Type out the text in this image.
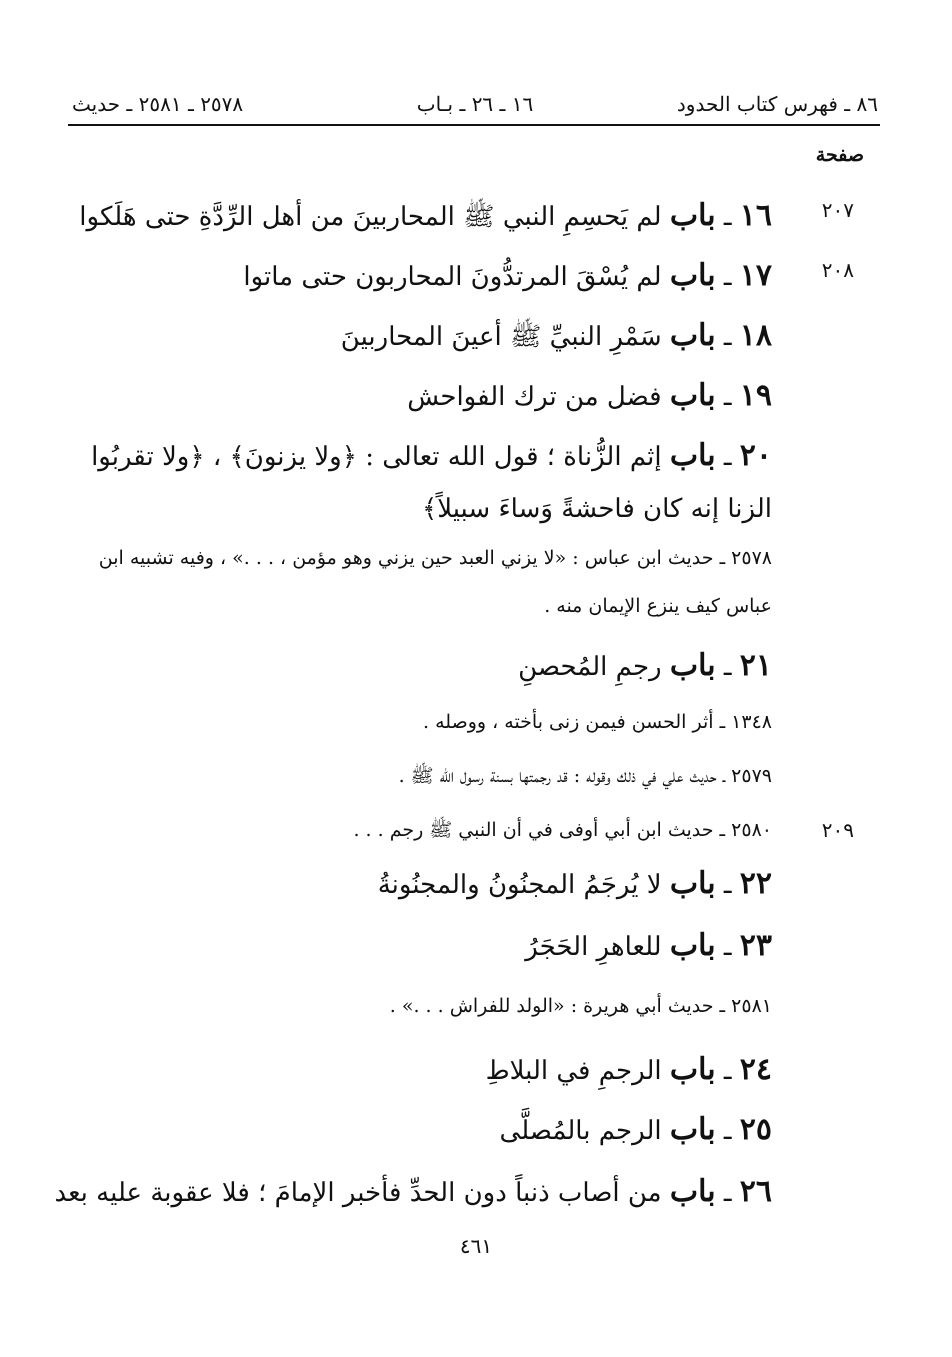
٨٦ ـ فهرس كتاب الحدود
١٦ ـ ٢٦ ـ بـاب
٢٥٧٨ ـ ٢٥٨١ ـ حديث
صفحة
٢٠٧
١٦ ـ باب لم يَحسِمِ النبي ﷺ المحاربينَ من أهل الرِّدَّةِ حتى هَلَكوا
٢٠٨
١٧ ـ باب لم يُسْقَ المرتدُّونَ المحاربون حتى ماتوا
١٨ ـ باب سَمْرِ النبيِّ ﷺ أعينَ المحاربينَ
١٩ ـ باب فضل من ترك الفواحش
٢٠ ـ باب إثم الزُّناة ؛ قول الله تعالى : ﴿ولا يزنونَ﴾ ، ﴿ولا تقربُوا الزنا إنه كان فاحشةً وَساءَ سبيلاً﴾
٢٥٧٨ ـ حديث ابن عباس : «لا يزني العبد حين يزني وهو مؤمن ، . . .» ، وفيه تشبيه ابن عباس كيف ينزع الإيمان منه .
٢١ ـ باب رجمِ المُحصنِ
١٣٤٨ ـ أثر الحسن فيمن زنى بأخته ، ووصله .
٢٥٧٩ ـ حديث علي في ذلك وقوله : قد رجمتها بسنة رسول الله ﷺ .
٢٠٩
٢٥٨٠ ـ حديث ابن أبي أوفى في أن النبي ﷺ رجم . . .
٢٢ ـ باب لا يُرجَمُ المجنُونُ والمجنُونةُ
٢٣ ـ باب للعاهرِ الحَجَرُ
٢٥٨١ ـ حديث أبي هريرة : «الولد للفراش . . .» .
٢٤ ـ باب الرجمِ في البلاطِ
٢٥ ـ باب الرجم بالمُصلَّى
٢٦ ـ باب من أصاب ذنباً دون الحدِّ فأخبر الإمامَ ؛ فلا عقوبة عليه بعد
٤٦١
